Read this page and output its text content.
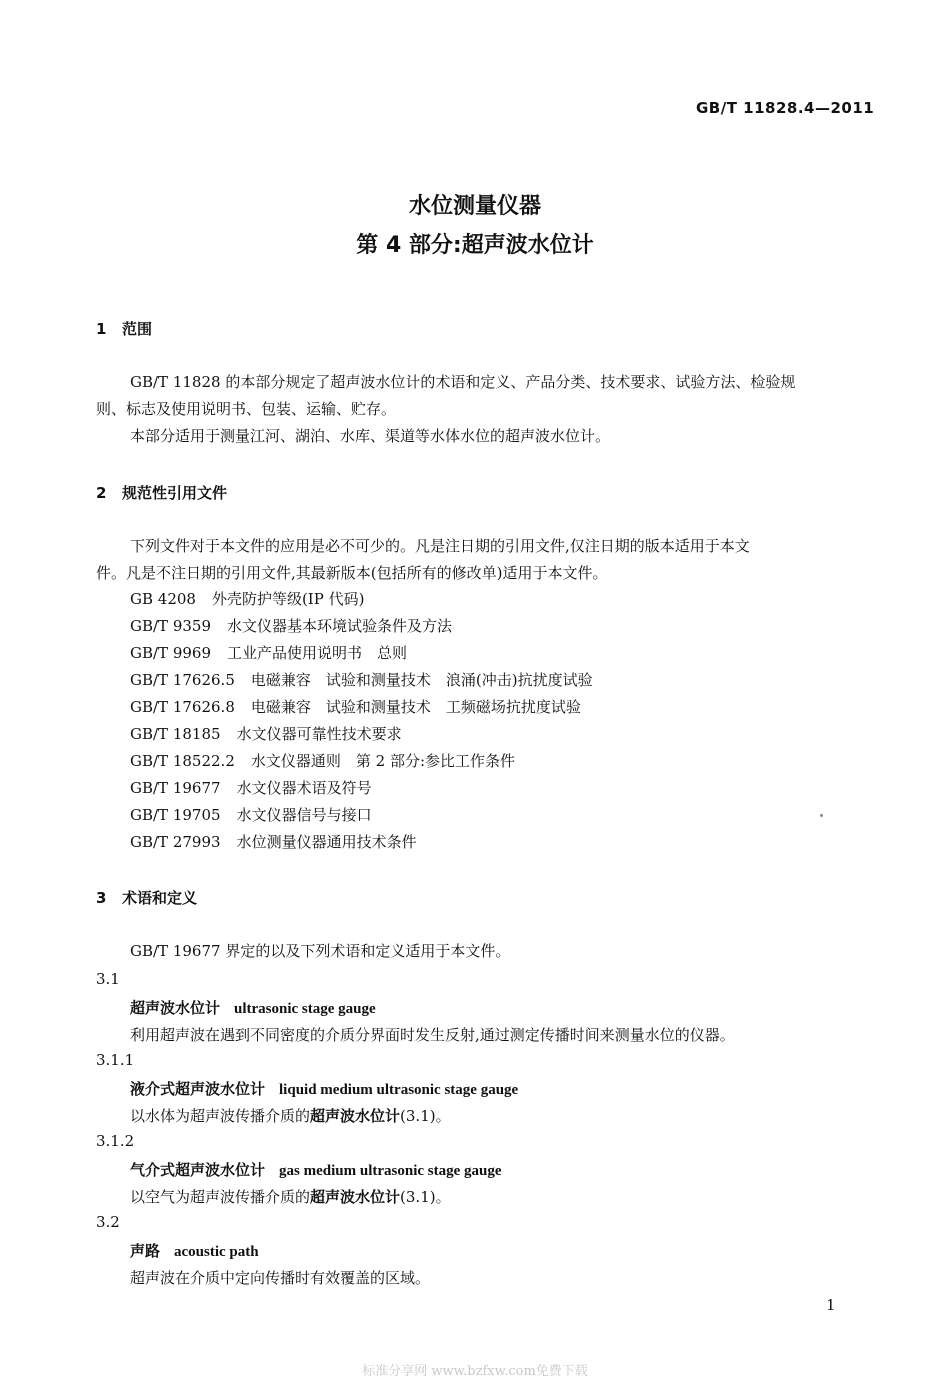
GB/T 11828.4—2011
水位测量仪器
第 4 部分:超声波水位计
1 范围
GB/T 11828 的本部分规定了超声波水位计的术语和定义、产品分类、技术要求、试验方法、检验规
则、标志及使用说明书、包装、运输、贮存。
本部分适用于测量江河、湖泊、水库、渠道等水体水位的超声波水位计。
2 规范性引用文件
下列文件对于本文件的应用是必不可少的。凡是注日期的引用文件,仅注日期的版本适用于本文
件。凡是不注日期的引用文件,其最新版本(包括所有的修改单)适用于本文件。
GB 4208 外壳防护等级(IP 代码)
GB/T 9359 水文仪器基本环境试验条件及方法
GB/T 9969 工业产品使用说明书　总则
GB/T 17626.5 电磁兼容　试验和测量技术　浪涌(冲击)抗扰度试验
GB/T 17626.8 电磁兼容　试验和测量技术　工频磁场抗扰度试验
GB/T 18185 水文仪器可靠性技术要求
GB/T 18522.2 水文仪器通则　第 2 部分:参比工作条件
GB/T 19677 水文仪器术语及符号
GB/T 19705 水文仪器信号与接口
GB/T 27993 水位测量仪器通用技术条件
3 术语和定义
GB/T 19677 界定的以及下列术语和定义适用于本文件。
3.1
超声波水位计 ultrasonic stage gauge
利用超声波在遇到不同密度的介质分界面时发生反射,通过测定传播时间来测量水位的仪器。
3.1.1
液介式超声波水位计 liquid medium ultrasonic stage gauge
以水体为超声波传播介质的超声波水位计(3.1)。
3.1.2
气介式超声波水位计 gas medium ultrasonic stage gauge
以空气为超声波传播介质的超声波水位计(3.1)。
3.2
声路 acoustic path
超声波在介质中定向传播时有效覆盖的区域。
1
标准分享网 www.bzfxw.com免费下载
